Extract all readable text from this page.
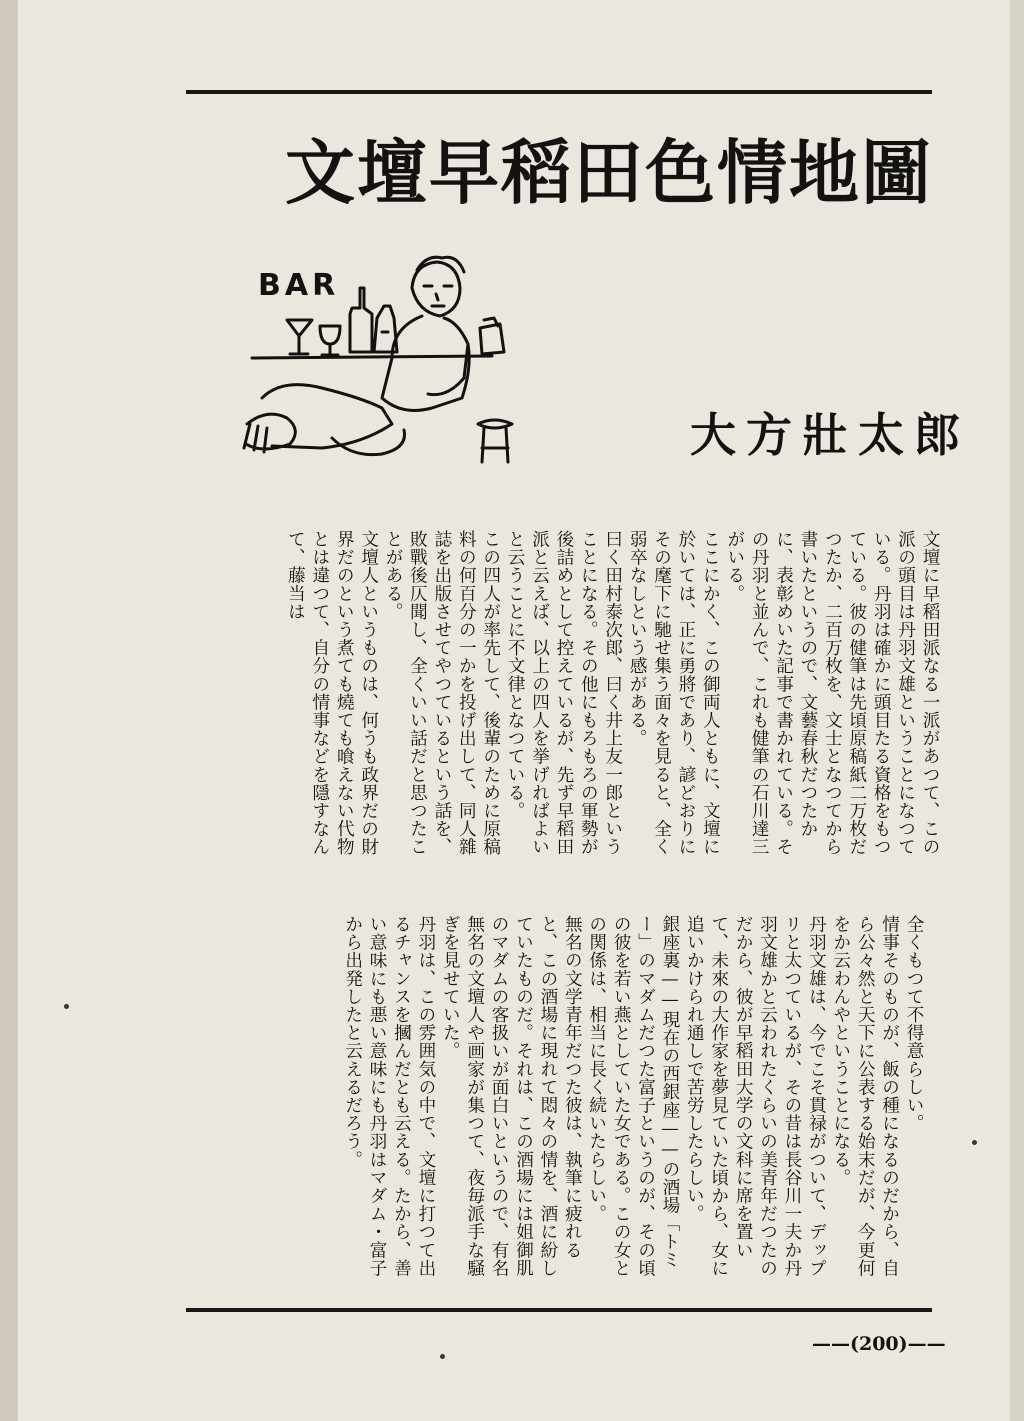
文壇早稻田色情地圖
BAR
大方壯太郎

文壇に早稻田派なる一派があつて、この派の頭目は丹羽文雄ということになつている。丹羽は確かに頭目たる資格をもつている。彼の健筆は先頃原稿紙二万枚だつたか、二百万枚を、文士となつてから書いたというので、文藝春秋だつたかに、表彰めいた記事で書かれている。その丹羽と並んで、これも健筆の石川達三がいる。

ここにかく、この御両人ともに、文壇に於いては、正に勇將であり、諺どおりにその麾下に馳せ集う面々を見ると、全く弱卒なしという感がある。

曰く田村泰次郎、曰く井上友一郎ということになる。その他にもろもろの軍勢が後詰めとして控えているが、先ず早稻田派と云えば、以上の四人を挙げればよいと云うことに不文律となつている。

この四人が率先して、後輩のために原稿料の何百分の一かを投げ出して、同人雜誌を出版させてやつているという話を、敗戰後仄聞し、全くいい話だと思つたことがある。

文壇人というものは、何うも政界だの財界だのという煮ても燒ても喰えない代物とは違つて、自分の情事などを隱すなんて、藤当は

全くもつて不得意らしい。

情事そのものが、飯の種になるのだから、自ら公々然と天下に公表する始末だが、今更何をか云わんやということになる。

丹羽文雄は、今でこそ貫禄がついて、デップリと太つているが、その昔は長谷川一夫か丹羽文雄かと云われたくらいの美青年だつたのだから、彼が早稻田大学の文科に席を置いて、未來の大作家を夢見ていた頃から、女に追いかけられ通しで苦労したらしい。

銀座裏——現在の西銀座——の酒場「トミー」のマダムだつた富子というのが、その頃の彼を若い燕としていた女である。この女との関係は、相当に長く続いたらしい。

無名の文学青年だつた彼は、執筆に疲れると、この酒場に現れて悶々の情を、酒に紛していたものだ。それは、この酒場には姐御肌のマダムの客扱いが面白いというので、有名無名の文壇人や画家が集つて、夜毎派手な騒ぎを見せていた。

丹羽は、この雰囲気の中で、文壇に打つて出るチャンスを摑んだとも云える。たから、善い意味にも悪い意味にも丹羽はマダム・富子から出発したと云えるだろう。

——(200)——
